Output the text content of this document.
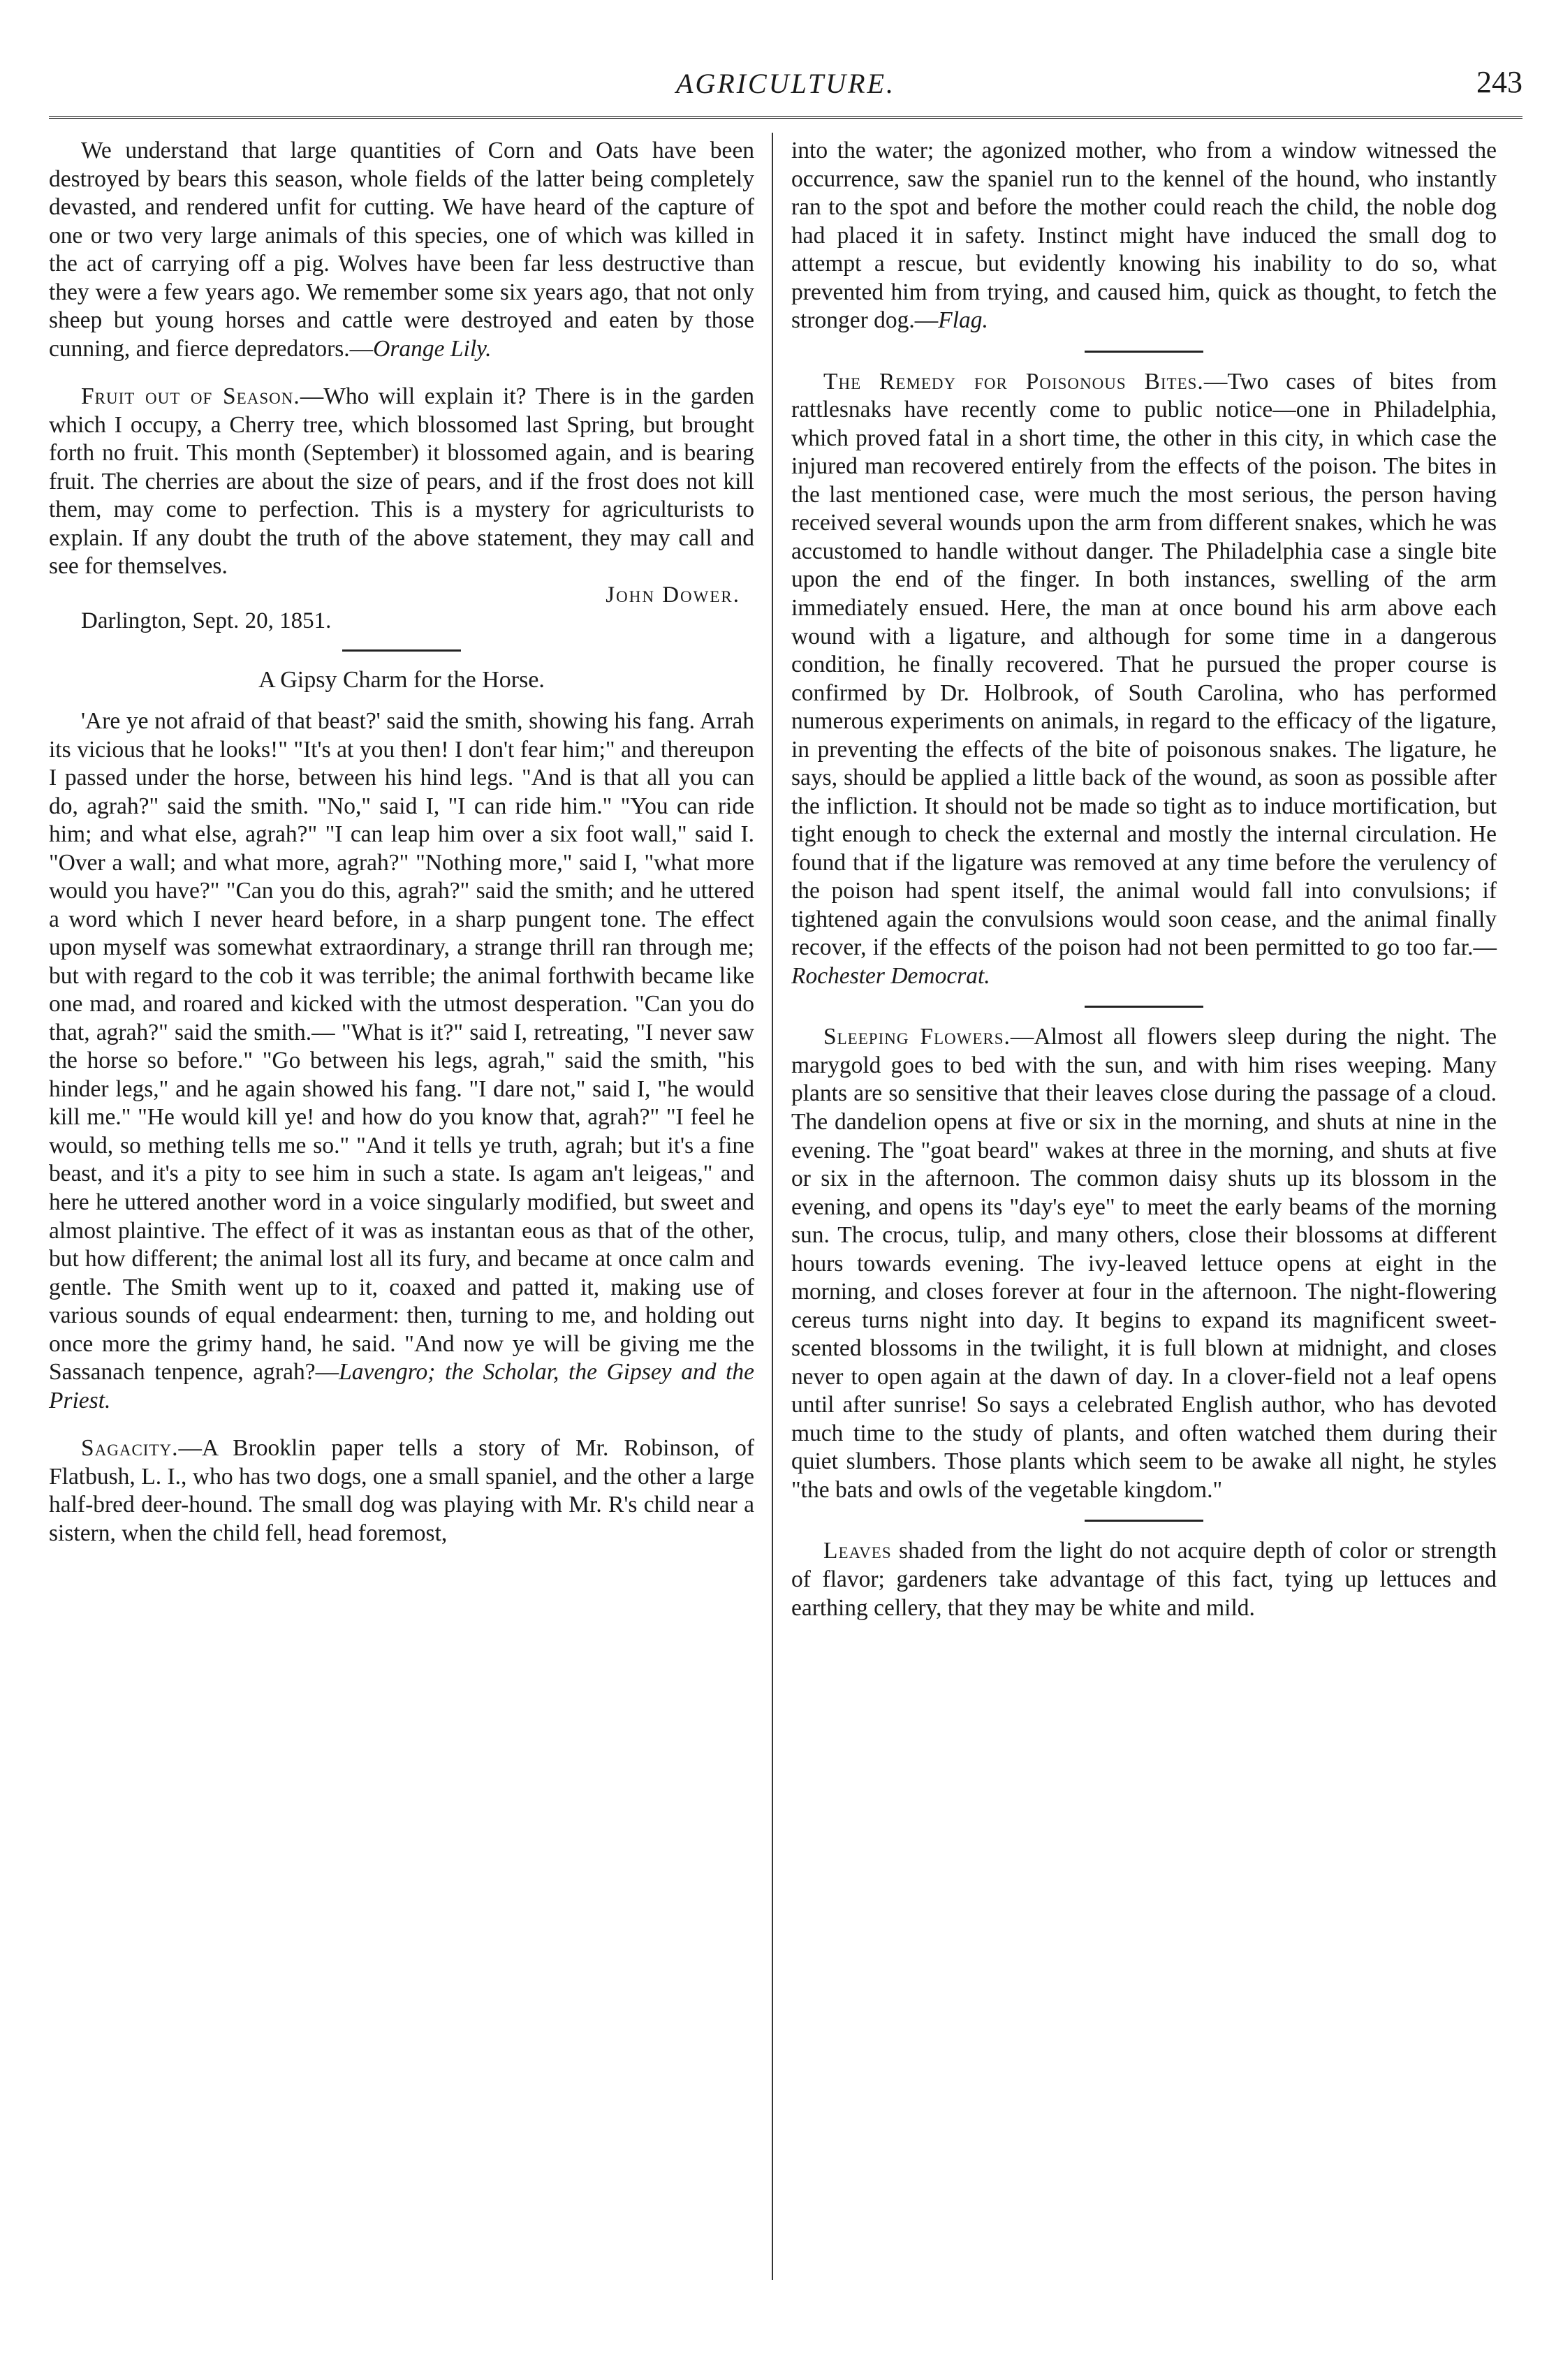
AGRICULTURE.	243

We understand that large quantities of Corn and Oats have been destroyed by bears this season, whole fields of the latter being completely devasted, and rendered unfit for cutting. We have heard of the capture of one or two very large animals of this species, one of which was killed in the act of carrying off a pig. Wolves have been far less destructive than they were a few years ago. We remember some six years ago, that not only sheep but young horses and cattle were destroyed and eaten by those cunning, and fierce depredators.—Orange Lily.

Fruit out of Season.—Who will explain it? There is in the garden which I occupy, a Cherry tree, which blossomed last Spring, but brought forth no fruit. This month (September) it blossomed again, and is bearing fruit. The cherries are about the size of pears, and if the frost does not kill them, may come to perfection. This is a mystery for agriculturists to explain. If any doubt the truth of the above statement, they may call and see for themselves.

John Dower.
Darlington, Sept. 20, 1851.
A Gipsy Charm for the Horse.

'Are ye not afraid of that beast?' said the smith, showing his fang. Arrah its vicious that he looks!" "It's at you then! I don't fear him;" and thereupon I passed under the horse, between his hind legs. "And is that all you can do, agrah?" said the smith. "No," said I, "I can ride him." "You can ride him; and what else, agrah?" "I can leap him over a six foot wall," said I. "Over a wall; and what more, agrah?" "Nothing more," said I, "what more would you have?" "Can you do this, agrah?" said the smith; and he uttered a word which I never heard before, in a sharp pungent tone. The effect upon myself was somewhat extraordinary, a strange thrill ran through me; but with regard to the cob it was terrible; the animal forthwith became like one mad, and roared and kicked with the utmost desperation. "Can you do that, agrah?" said the smith.— "What is it?" said I, retreating, "I never saw the horse so before." "Go between his legs, agrah," said the smith, "his hinder legs," and he again showed his fang. "I dare not," said I, "he would kill me." "He would kill ye! and how do you know that, agrah?" "I feel he would, so mething tells me so." "And it tells ye truth, agrah; but it's a fine beast, and it's a pity to see him in such a state. Is agam an't leigeas," and here he uttered another word in a voice singularly modified, but sweet and almost plaintive. The effect of it was as instantan eous as that of the other, but how different; the animal lost all its fury, and became at once calm and gentle. The Smith went up to it, coaxed and patted it, making use of various sounds of equal endearment: then, turning to me, and holding out once more the grimy hand, he said. "And now ye will be giving me the Sassanach tenpence, agrah?—Lavengro; the Scholar, the Gipsey and the Priest.

Sagacity.—A Brooklin paper tells a story of Mr. Robinson, of Flatbush, L. I., who has two dogs, one a small spaniel, and the other a large half-bred deer-hound. The small dog was playing with Mr. R's child near a sistern, when the child fell, head foremost,

into the water; the agonized mother, who from a window witnessed the occurrence, saw the spaniel run to the kennel of the hound, who instantly ran to the spot and before the mother could reach the child, the noble dog had placed it in safety. Instinct might have induced the small dog to attempt a rescue, but evidently knowing his inability to do so, what prevented him from trying, and caused him, quick as thought, to fetch the stronger dog.—Flag.

The Remedy for Poisonous Bites.—Two cases of bites from rattlesnaks have recently come to public notice—one in Philadelphia, which proved fatal in a short time, the other in this city, in which case the injured man recovered entirely from the effects of the poison. The bites in the last mentioned case, were much the most serious, the person having received several wounds upon the arm from different snakes, which he was accustomed to handle without danger. The Philadelphia case a single bite upon the end of the finger. In both instances, swelling of the arm immediately ensued. Here, the man at once bound his arm above each wound with a ligature, and although for some time in a dangerous condition, he finally recovered. That he pursued the proper course is confirmed by Dr. Holbrook, of South Carolina, who has performed numerous experiments on animals, in regard to the efficacy of the ligature, in preventing the effects of the bite of poisonous snakes. The ligature, he says, should be applied a little back of the wound, as soon as possible after the infliction. It should not be made so tight as to induce mortification, but tight enough to check the external and mostly the internal circulation. He found that if the ligature was removed at any time before the verulency of the poison had spent itself, the animal would fall into convulsions; if tightened again the convulsions would soon cease, and the animal finally recover, if the effects of the poison had not been permitted to go too far.—Rochester Democrat.

Sleeping Flowers.—Almost all flowers sleep during the night. The marygold goes to bed with the sun, and with him rises weeping. Many plants are so sensitive that their leaves close during the passage of a cloud. The dandelion opens at five or six in the morning, and shuts at nine in the evening. The "goat beard" wakes at three in the morning, and shuts at five or six in the afternoon. The common daisy shuts up its blossom in the evening, and opens its "day's eye" to meet the early beams of the morning sun. The crocus, tulip, and many others, close their blossoms at different hours towards evening. The ivy-leaved lettuce opens at eight in the morning, and closes forever at four in the afternoon. The night-flowering cereus turns night into day. It begins to expand its magnificent sweet-scented blossoms in the twilight, it is full blown at midnight, and closes never to open again at the dawn of day. In a clover-field not a leaf opens until after sunrise! So says a celebrated English author, who has devoted much time to the study of plants, and often watched them during their quiet slumbers. Those plants which seem to be awake all night, he styles "the bats and owls of the vegetable kingdom."

Leaves shaded from the light do not acquire depth of color or strength of flavor; gardeners take advantage of this fact, tying up lettuces and earthing cellery, that they may be white and mild.
